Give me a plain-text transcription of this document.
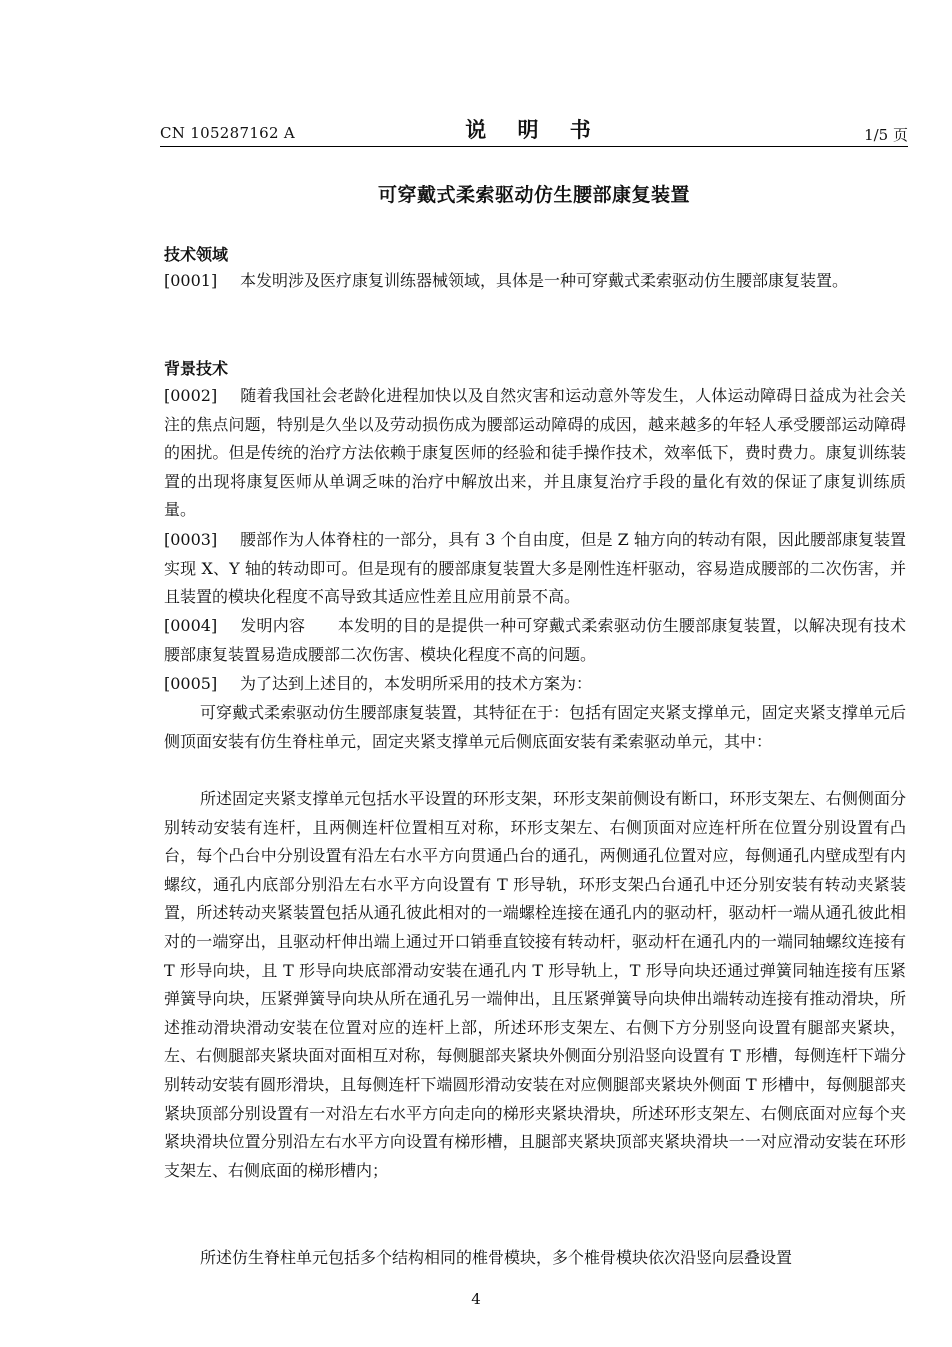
CN 105287162 A	说 明 书	1/5 页
可穿戴式柔索驱动仿生腰部康复装置
技术领域

[0001] 本发明涉及医疗康复训练器械领域，具体是一种可穿戴式柔索驱动仿生腰部康复装置。

背景技术

[0002] 随着我国社会老龄化进程加快以及自然灾害和运动意外等发生，人体运动障碍日益成为社会关注的焦点问题，特别是久坐以及劳动损伤成为腰部运动障碍的成因，越来越多的年轻人承受腰部运动障碍的困扰。但是传统的治疗方法依赖于康复医师的经验和徒手操作技术，效率低下，费时费力。康复训练装置的出现将康复医师从单调乏味的治疗中解放出来，并且康复治疗手段的量化有效的保证了康复训练质量。

[0003] 腰部作为人体脊柱的一部分，具有 3 个自由度，但是 Z 轴方向的转动有限，因此腰部康复装置实现 X、Y 轴的转动即可。但是现有的腰部康复装置大多是刚性连杆驱动，容易造成腰部的二次伤害，并且装置的模块化程度不高导致其适应性差且应用前景不高。

[0004] 发明内容　　本发明的目的是提供一种可穿戴式柔索驱动仿生腰部康复装置，以解决现有技术腰部康复装置易造成腰部二次伤害、模块化程度不高的问题。

[0005] 为了达到上述目的，本发明所采用的技术方案为：

可穿戴式柔索驱动仿生腰部康复装置，其特征在于：包括有固定夹紧支撑单元，固定夹紧支撑单元后侧顶面安装有仿生脊柱单元，固定夹紧支撑单元后侧底面安装有柔索驱动单元，其中：

所述固定夹紧支撑单元包括水平设置的环形支架，环形支架前侧设有断口，环形支架左、右侧侧面分别转动安装有连杆，且两侧连杆位置相互对称，环形支架左、右侧顶面对应连杆所在位置分别设置有凸台，每个凸台中分别设置有沿左右水平方向贯通凸台的通孔，两侧通孔位置对应，每侧通孔内壁成型有内螺纹，通孔内底部分别沿左右水平方向设置有 T 形导轨，环形支架凸台通孔中还分别安装有转动夹紧装置，所述转动夹紧装置包括从通孔彼此相对的一端螺栓连接在通孔内的驱动杆，驱动杆一端从通孔彼此相对的一端穿出，且驱动杆伸出端上通过开口销垂直铰接有转动杆，驱动杆在通孔内的一端同轴螺纹连接有 T 形导向块，且 T 形导向块底部滑动安装在通孔内 T 形导轨上，T 形导向块还通过弹簧同轴连接有压紧弹簧导向块，压紧弹簧导向块从所在通孔另一端伸出，且压紧弹簧导向块伸出端转动连接有推动滑块，所述推动滑块滑动安装在位置对应的连杆上部，所述环形支架左、右侧下方分别竖向设置有腿部夹紧块，左、右侧腿部夹紧块面对面相互对称，每侧腿部夹紧块外侧面分别沿竖向设置有 T 形槽，每侧连杆下端分别转动安装有圆形滑块，且每侧连杆下端圆形滑动安装在对应侧腿部夹紧块外侧面 T 形槽中，每侧腿部夹紧块顶部分别设置有一对沿左右水平方向走向的梯形夹紧块滑块，所述环形支架左、右侧底面对应每个夹紧块滑块位置分别沿左右水平方向设置有梯形槽，且腿部夹紧块顶部夹紧块滑块一一对应滑动安装在环形支架左、右侧底面的梯形槽内；

所述仿生脊柱单元包括多个结构相同的椎骨模块，多个椎骨模块依次沿竖向层叠设置

4
